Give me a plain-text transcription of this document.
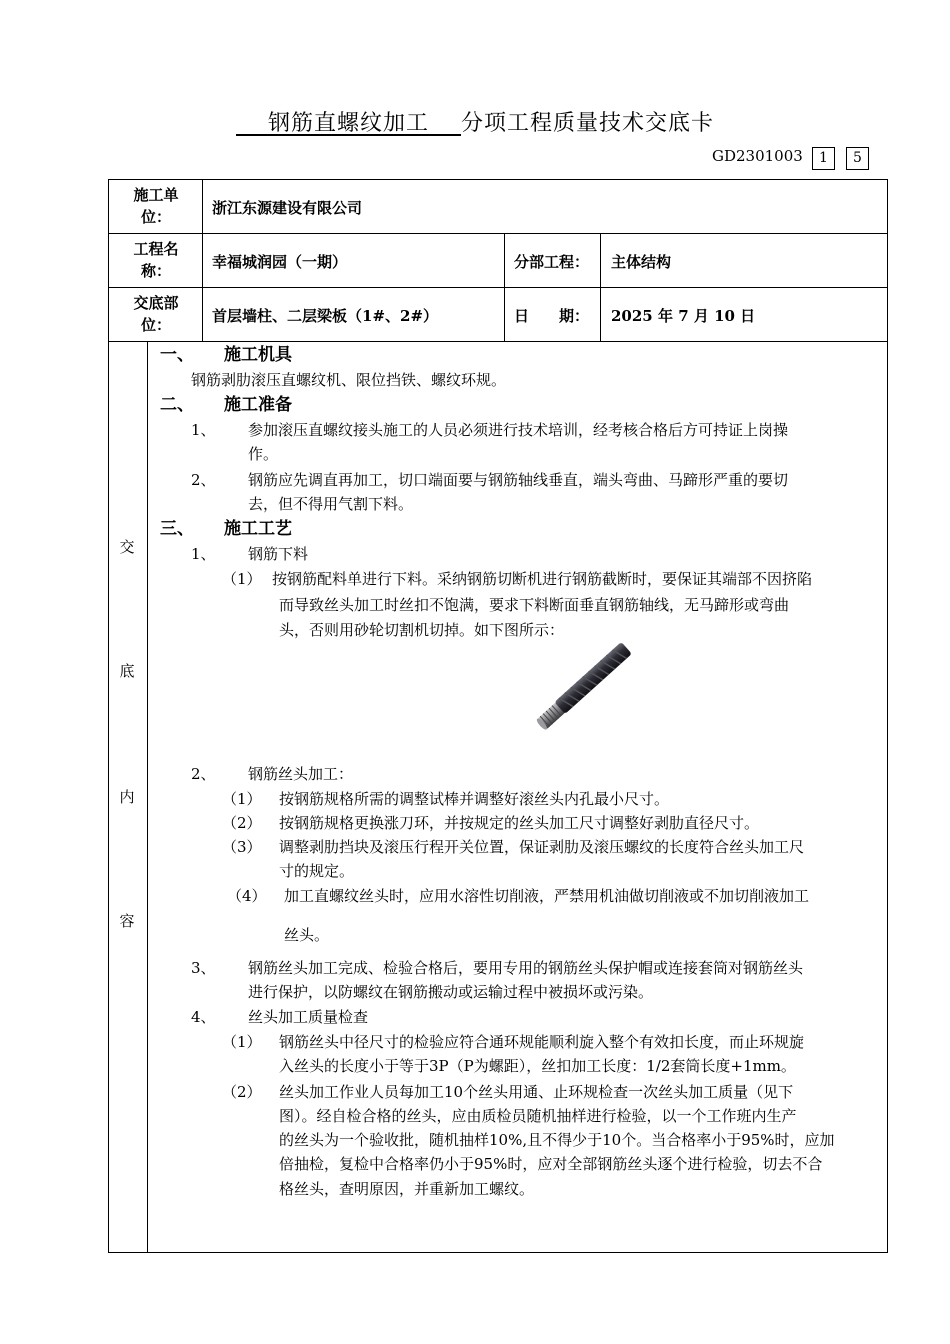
钢筋直螺纹加工 分项工程质量技术交底卡
GD2301003	1	5
施工单
位：	浙江东源建设有限公司
工程名
称：	幸福城润园（一期）	分部工程： 主体结构
交底部
位：	首层墙柱、二层梁板（1#、2#）	日 期： 2025 年 7 月 10 日
交
底
内
容
一、 施工机具
钢筋剥肋滚压直螺纹机、限位挡铁、螺纹环规。
二、 施工准备
1、 参加滚压直螺纹接头施工的人员必须进行技术培训，经考核合格后方可持证上岗操
作。
2、 钢筋应先调直再加工，切口端面要与钢筋轴线垂直，端头弯曲、马蹄形严重的要切
去，但不得用气割下料。
三、 施工工艺
1、 钢筋下料
（1） 按钢筋配料单进行下料。采纳钢筋切断机进行钢筋截断时，要保证其端部不因挤陷
而导致丝头加工时丝扣不饱满，要求下料断面垂直钢筋轴线，无马蹄形或弯曲
头，否则用砂轮切割机切掉。如下图所示：
2、 钢筋丝头加工：
（1） 按钢筋规格所需的调整试棒并调整好滚丝头内孔最小尺寸。
（2） 按钢筋规格更换涨刀环，并按规定的丝头加工尺寸调整好剥肋直径尺寸。
（3） 调整剥肋挡块及滚压行程开关位置，保证剥肋及滚压螺纹的长度符合丝头加工尺
寸的规定。
（4） 加工直螺纹丝头时，应用水溶性切削液，严禁用机油做切削液或不加切削液加工
丝头。
3、 钢筋丝头加工完成、检验合格后，要用专用的钢筋丝头保护帽或连接套筒对钢筋丝头
进行保护，以防螺纹在钢筋搬动或运输过程中被损坏或污染。
4、 丝头加工质量检查
（1） 钢筋丝头中径尺寸的检验应符合通环规能顺利旋入整个有效扣长度，而止环规旋
入丝头的长度小于等于3P（P为螺距），丝扣加工长度：1/2套筒长度+1mm。
（2） 丝头加工作业人员每加工10个丝头用通、止环规检查一次丝头加工质量（见下
图）。经自检合格的丝头，应由质检员随机抽样进行检验，以一个工作班内生产
的丝头为一个验收批，随机抽样10%,且不得少于10个。当合格率小于95%时，应加
倍抽检，复检中合格率仍小于95%时，应对全部钢筋丝头逐个进行检验，切去不合
格丝头，查明原因，并重新加工螺纹。
